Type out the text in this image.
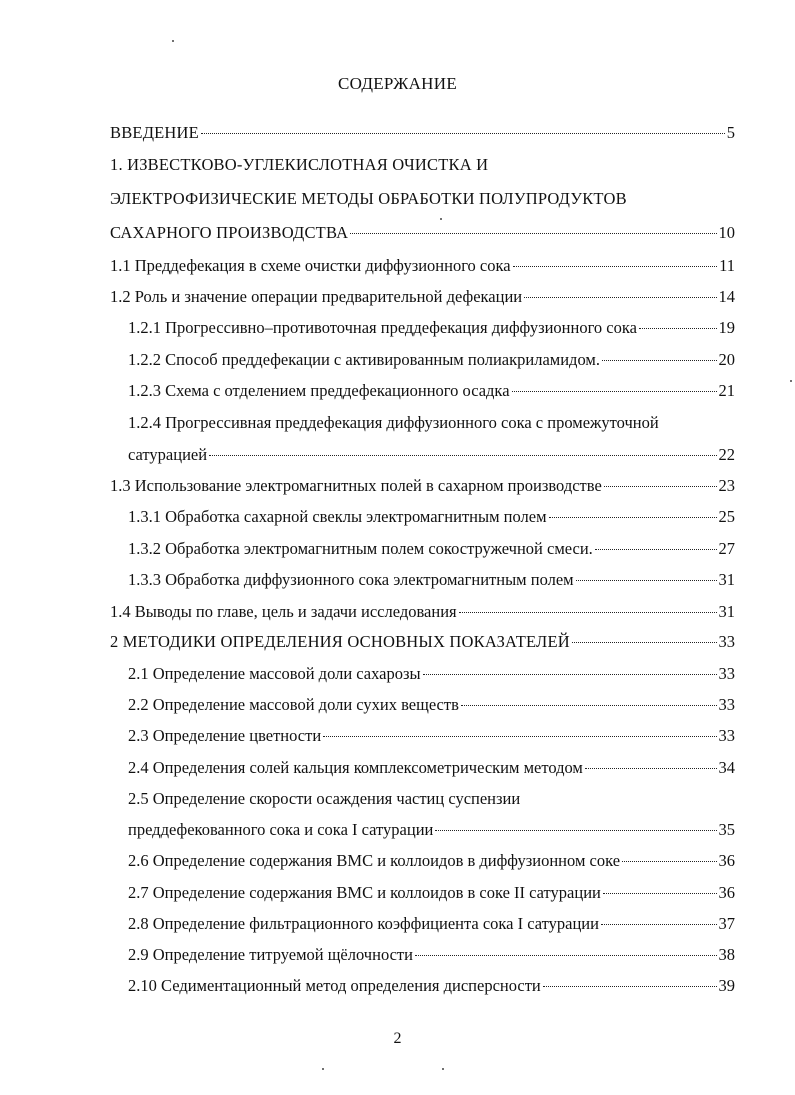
СОДЕРЖАНИЕ
ВВЕДЕНИЕ	5
1. ИЗВЕСТКОВО-УГЛЕКИСЛОТНАЯ ОЧИСТКА И
ЭЛЕКТРОФИЗИЧЕСКИЕ МЕТОДЫ ОБРАБОТКИ ПОЛУПРОДУКТОВ
САХАРНОГО ПРОИЗВОДСТВА	10
1.1 Преддефекация в схеме очистки диффузионного сока	11
1.2 Роль и значение операции предварительной дефекации	14
1.2.1 Прогрессивно–противоточная преддефекация диффузионного сока	19
1.2.2 Способ преддефекации с активированным полиакриламидом.	20
1.2.3 Схема с отделением преддефекационного осадка	21
1.2.4 Прогрессивная преддефекация диффузионного сока с промежуточной
сатурацией	22
1.3 Использование электромагнитных полей в сахарном производстве	23
1.3.1 Обработка сахарной свеклы электромагнитным полем	25
1.3.2 Обработка электромагнитным полем сокостружечной смеси.	27
1.3.3 Обработка диффузионного сока электромагнитным полем	31
1.4 Выводы по главе, цель и задачи исследования	31
2 МЕТОДИКИ ОПРЕДЕЛЕНИЯ ОСНОВНЫХ ПОКАЗАТЕЛЕЙ	33
2.1 Определение массовой доли сахарозы	33
2.2 Определение массовой доли сухих веществ	33
2.3 Определение цветности	33
2.4 Определения солей кальция комплексометрическим методом	34
2.5 Определение скорости осаждения частиц суспензии
преддефекованного сока и сока I сатурации	35
2.6 Определение содержания ВМС и коллоидов в диффузионном соке	36
2.7 Определение содержания ВМС и коллоидов в соке II сатурации	36
2.8 Определение фильтрационного коэффициента сока I сатурации	37
2.9 Определение титруемой щёлочности	38
2.10 Седиментационный метод определения дисперсности	39
2
